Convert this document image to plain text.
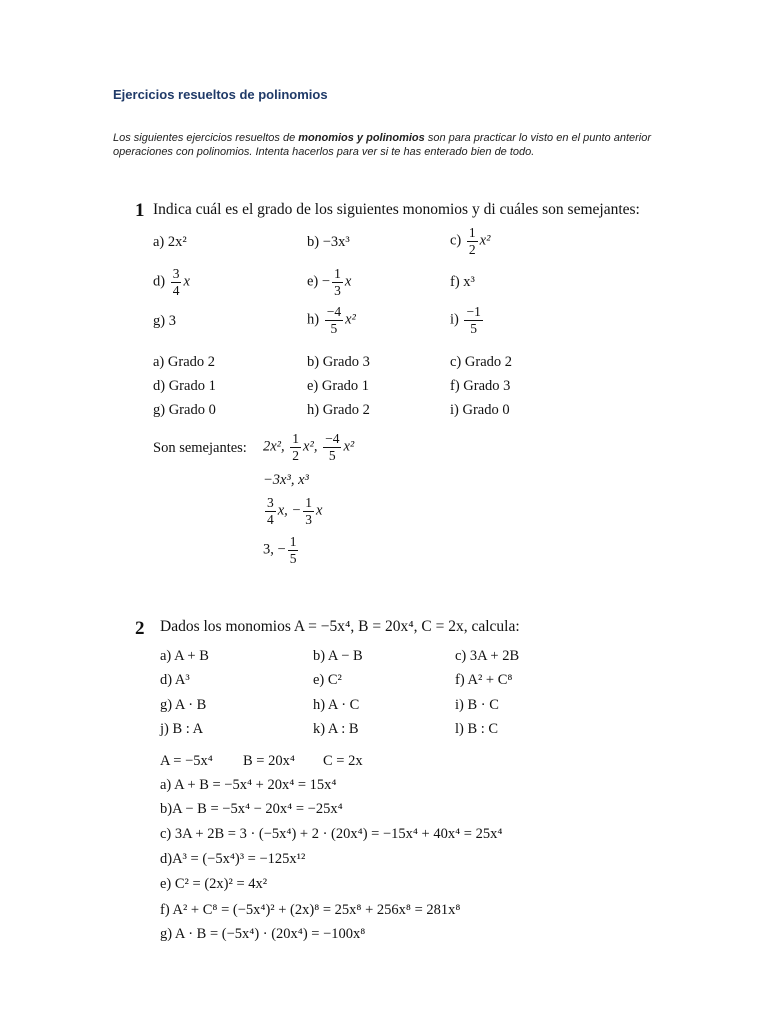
Ejercicios resueltos de polinomios
Los siguientes ejercicios resueltos de monomios y polinomios son para practicar lo visto en el punto anterior
operaciones con polinomios. Intenta hacerlos para ver si te has enterado bien de todo.
1 Indica cuál es el grado de los siguientes monomios y di cuáles son semejantes:
a) 2x²	b) −3x³	$c) \frac{1}{2} x^2$
$d) \frac{3}{4}$ x	$e) - \frac{1}{3}$ x	f) x³
g) 3	$h) \frac{-4}{5} x^2$	$i) \frac{-1}{5}$
a) Grado 2	b) Grado 3	c) Grado 2
d) Grado 1	e) Grado 1	f) Grado 3
g) Grado 0	h) Grado 2	i) Grado 0
Son semejantes: 2x², $\frac{1}{2} x^2$, $\frac{-4}{5} x^2$
−3x³, x³
$\frac{3}{4} x$, − $\frac{1}{3}$ x
3, − $\frac{1}{5}$
2 Dados los monomios A = −5x⁴, B = 20x⁴, C = 2x, calcula:
a) A + B	b) A − B	c) 3A + 2B
d) A³	e) C²	f) A² + C⁸
g) A · B	h) A · C	i) B · C
j) B : A	k) A : B	l) B : C
A = −5x⁴ B = 20x⁴ C = 2x
a) A + B = −5x⁴ + 20x⁴ = 15x⁴
b)A − B = −5x⁴ − 20x⁴ = −25x⁴
c) 3A + 2B = 3 · (−5x⁴) + 2 · (20x⁴) = −15x⁴ + 40x⁴ = 25x⁴
d)A³ = (−5x⁴)³ = −125x¹²
e) C² = (2x)² = 4x²
f) A² + C⁸ = (−5x⁴)² + (2x)⁸ = 25x⁸ + 256x⁸ = 281x⁸
g) A · B = (−5x⁴) · (20x⁴) = −100x⁸
